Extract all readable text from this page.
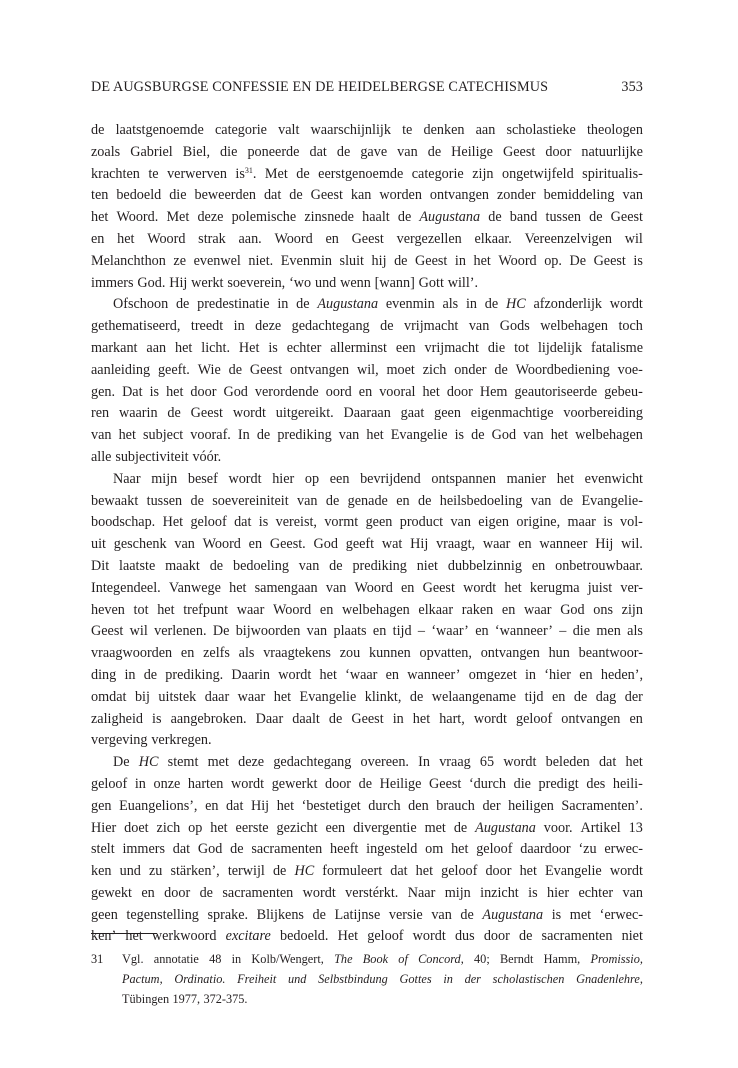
DE AUGSBURGSE CONFESSIE EN DE HEIDELBERGSE CATECHISMUS	353
de laatstgenoemde categorie valt waarschijnlijk te denken aan scholastieke theologen
zoals Gabriel Biel, die poneerde dat de gave van de Heilige Geest door natuurlijke
krachten te verwerven $is^{31}$. Met de eerstgenoemde categorie zijn ongetwijfeld spiritualis-
ten bedoeld die beweerden dat de Geest kan worden ontvangen zonder bemiddeling van
het Woord. Met deze polemische zinsnede haalt de Augustana de band tussen de Geest
en het Woord strak aan. Woord en Geest vergezellen elkaar. Vereenzelvigen wil
Melanchthon ze evenwel niet. Evenmin sluit hij de Geest in het Woord op. De Geest is
immers God. Hij werkt soeverein, ‘wo und wenn [wann] Gott will’.
Ofschoon de predestinatie in de Augustana evenmin als in de HC afzonderlijk wordt
gethematiseerd, treedt in deze gedachtegang de vrijmacht van Gods welbehagen toch
markant aan het licht. Het is echter allerminst een vrijmacht die tot lijdelijk fatalisme
aanleiding geeft. Wie de Geest ontvangen wil, moet zich onder de Woordbediening voe-
gen. Dat is het door God verordende oord en vooral het door Hem geautoriseerde gebeu-
ren waarin de Geest wordt uitgereikt. Daaraan gaat geen eigenmachtige voorbereiding
van het subject vooraf. In de prediking van het Evangelie is de God van het welbehagen
alle subjectiviteit vóór.
Naar mijn besef wordt hier op een bevrijdend ontspannen manier het evenwicht
bewaakt tussen de soevereiniteit van de genade en de heilsbedoeling van de Evangelie-
boodschap. Het geloof dat is vereist, vormt geen product van eigen origine, maar is vol-
uit geschenk van Woord en Geest. God geeft wat Hij vraagt, waar en wanneer Hij wil.
Dit laatste maakt de bedoeling van de prediking niet dubbelzinnig en onbetrouwbaar.
Integendeel. Vanwege het samengaan van Woord en Geest wordt het kerugma juist ver-
heven tot het trefpunt waar Woord en welbehagen elkaar raken en waar God ons zijn
Geest wil verlenen. De bijwoorden van plaats en tijd – ‘waar’ en ‘wanneer’ – die men als
vraagwoorden en zelfs als vraagtekens zou kunnen opvatten, ontvangen hun beantwoor-
ding in de prediking. Daarin wordt het ‘waar en wanneer’ omgezet in ‘hier en heden’,
omdat bij uitstek daar waar het Evangelie klinkt, de welaangename tijd en de dag der
zaligheid is aangebroken. Daar daalt de Geest in het hart, wordt geloof ontvangen en
vergeving verkregen.
De HC stemt met deze gedachtegang overeen. In vraag 65 wordt beleden dat het
geloof in onze harten wordt gewerkt door de Heilige Geest ‘durch die predigt des heili-
gen Euangelions’, en dat Hij het ‘bestetiget durch den brauch der heiligen Sacramenten’.
Hier doet zich op het eerste gezicht een divergentie met de Augustana voor. Artikel 13
stelt immers dat God de sacramenten heeft ingesteld om het geloof daardoor ‘zu erwec-
ken und zu stärken’, terwijl de HC formuleert dat het geloof door het Evangelie wordt
gewekt en door de sacramenten wordt verstérkt. Naar mijn inzicht is hier echter van
geen tegenstelling sprake. Blijkens de Latijnse versie van de Augustana is met ‘erwec-
ken’ het werkwoord excitare bedoeld. Het geloof wordt dus door de sacramenten niet
31 Vgl. annotatie 48 in Kolb/Wengert, The Book of Concord, 40; Berndt Hamm, Promissio,
Pactum, Ordinatio. Freiheit und Selbstbindung Gottes in der scholastischen Gnadenlehre,
Tübingen 1977, 372-375.
